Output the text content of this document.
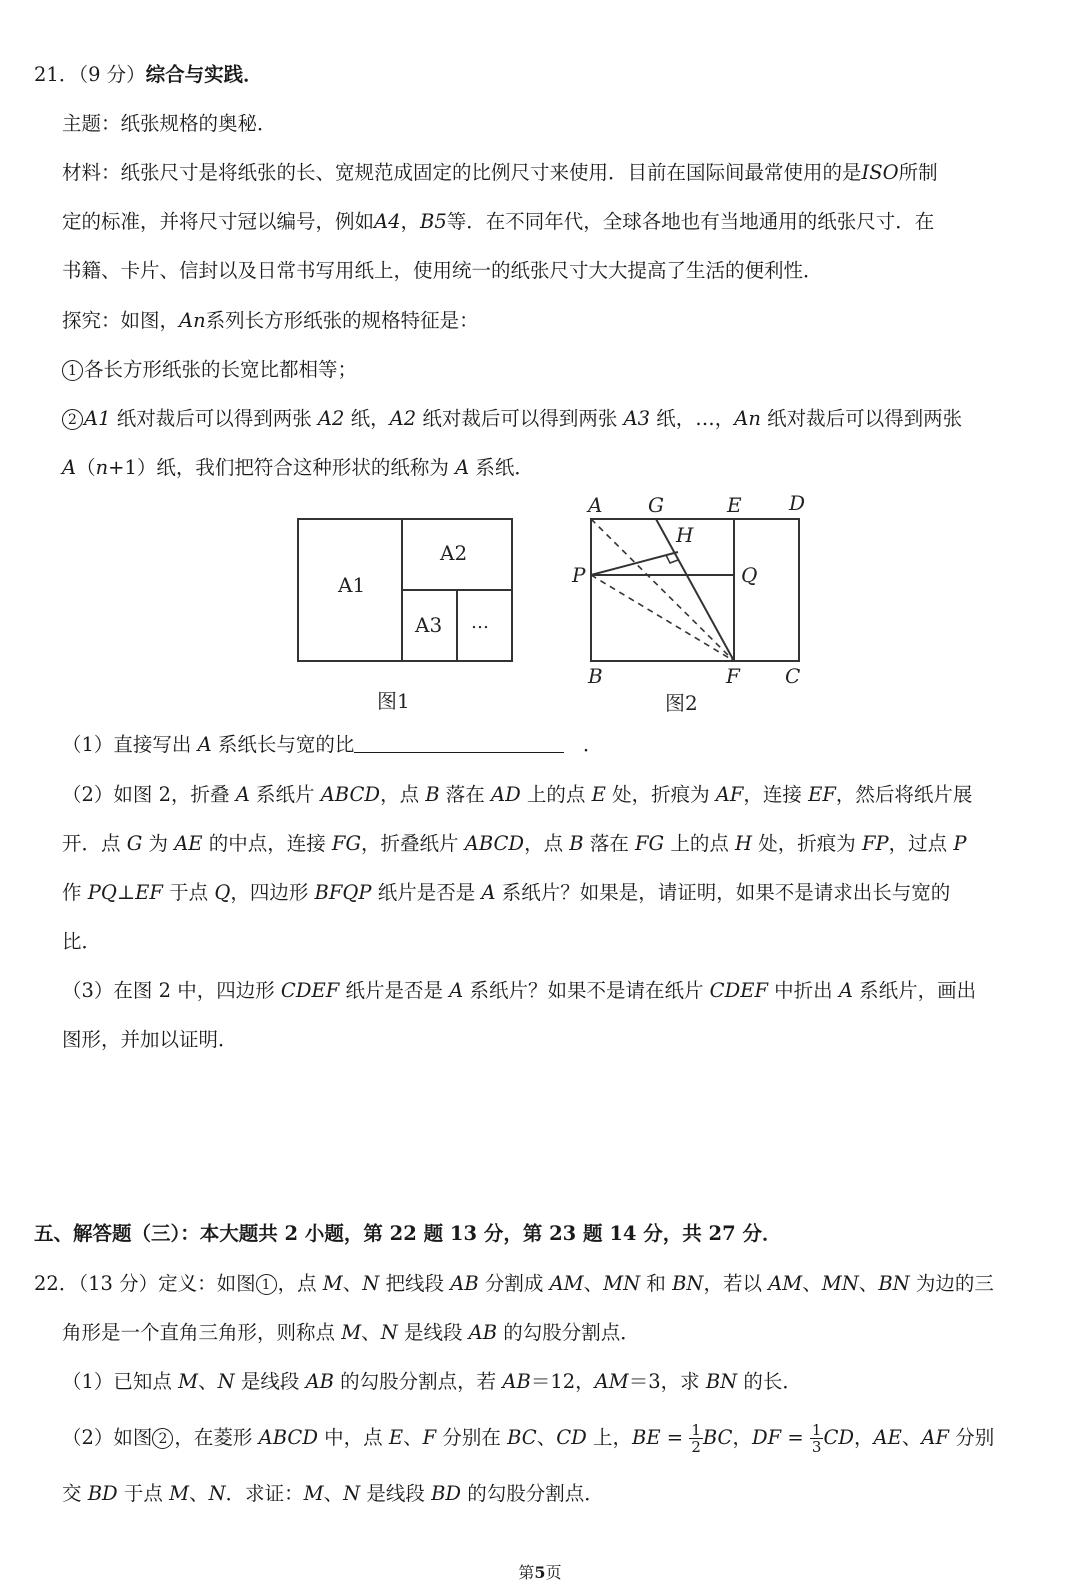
21．（9 分）综合与实践．
主题：纸张规格的奥秘．
材料：纸张尺寸是将纸张的长、宽规范成固定的比例尺寸来使用．目前在国际间最常使用的是ISO所制
定的标准，并将尺寸冠以编号，例如A4，B5等．在不同年代，全球各地也有当地通用的纸张尺寸．在
书籍、卡片、信封以及日常书写用纸上，使用统一的纸张尺寸大大提高了生活的便利性．
探究：如图，An系列长方形纸张的规格特征是：
1 各长方形纸张的长宽比都相等；
2 A1 纸对裁后可以得到两张 A2 纸，A2 纸对裁后可以得到两张 A3 纸，…，An 纸对裁后可以得到两张
A（n+1）纸，我们把符合这种形状的纸称为 A 系纸．
A1
A2
A3 …
图1
A G	E D
H
P	Q
B	F C
图2
（1）直接写出 A 系纸长与宽的比	．
（2）如图 2，折叠 A 系纸片 ABCD，点 B 落在 AD 上的点 E 处，折痕为 AF，连接 EF，然后将纸片展
开．点 G 为 AE 的中点，连接 FG，折叠纸片 ABCD，点 B 落在 FG 上的点 H 处，折痕为 FP，过点 P
作 PQ⊥EF 于点 Q，四边形 BFQP 纸片是否是 A 系纸片？如果是，请证明，如果不是请求出长与宽的
比．
（3）在图 2 中，四边形 CDEF 纸片是否是 A 系纸片？如果不是请在纸片 CDEF 中折出 A 系纸片，画出
图形，并加以证明．
五、解答题（三）：本大题共 2 小题，第 22 题 13 分，第 23 题 14 分，共 27 分．
22．（13 分）定义：如图 1 ，点 M、N 把线段 AB 分割成 AM、MN 和 BN，若以 AM、MN、BN 为边的三
角形是一个直角三角形，则称点 M、N 是线段 AB 的勾股分割点．
（1）已知点 M、N 是线段 AB 的勾股分割点，若 AB＝12，AM＝3，求 BN 的长．
（2）如图 2 ，在菱形 ABCD 中，点 E、F 分别在 BC、CD 上，BE = $\frac{1}{2}$ BC，DF = $\frac{1}{3}$ CD，AE、AF 分别
交 BD 于点 M、N．求证：M、N 是线段 BD 的勾股分割点．
第5页
